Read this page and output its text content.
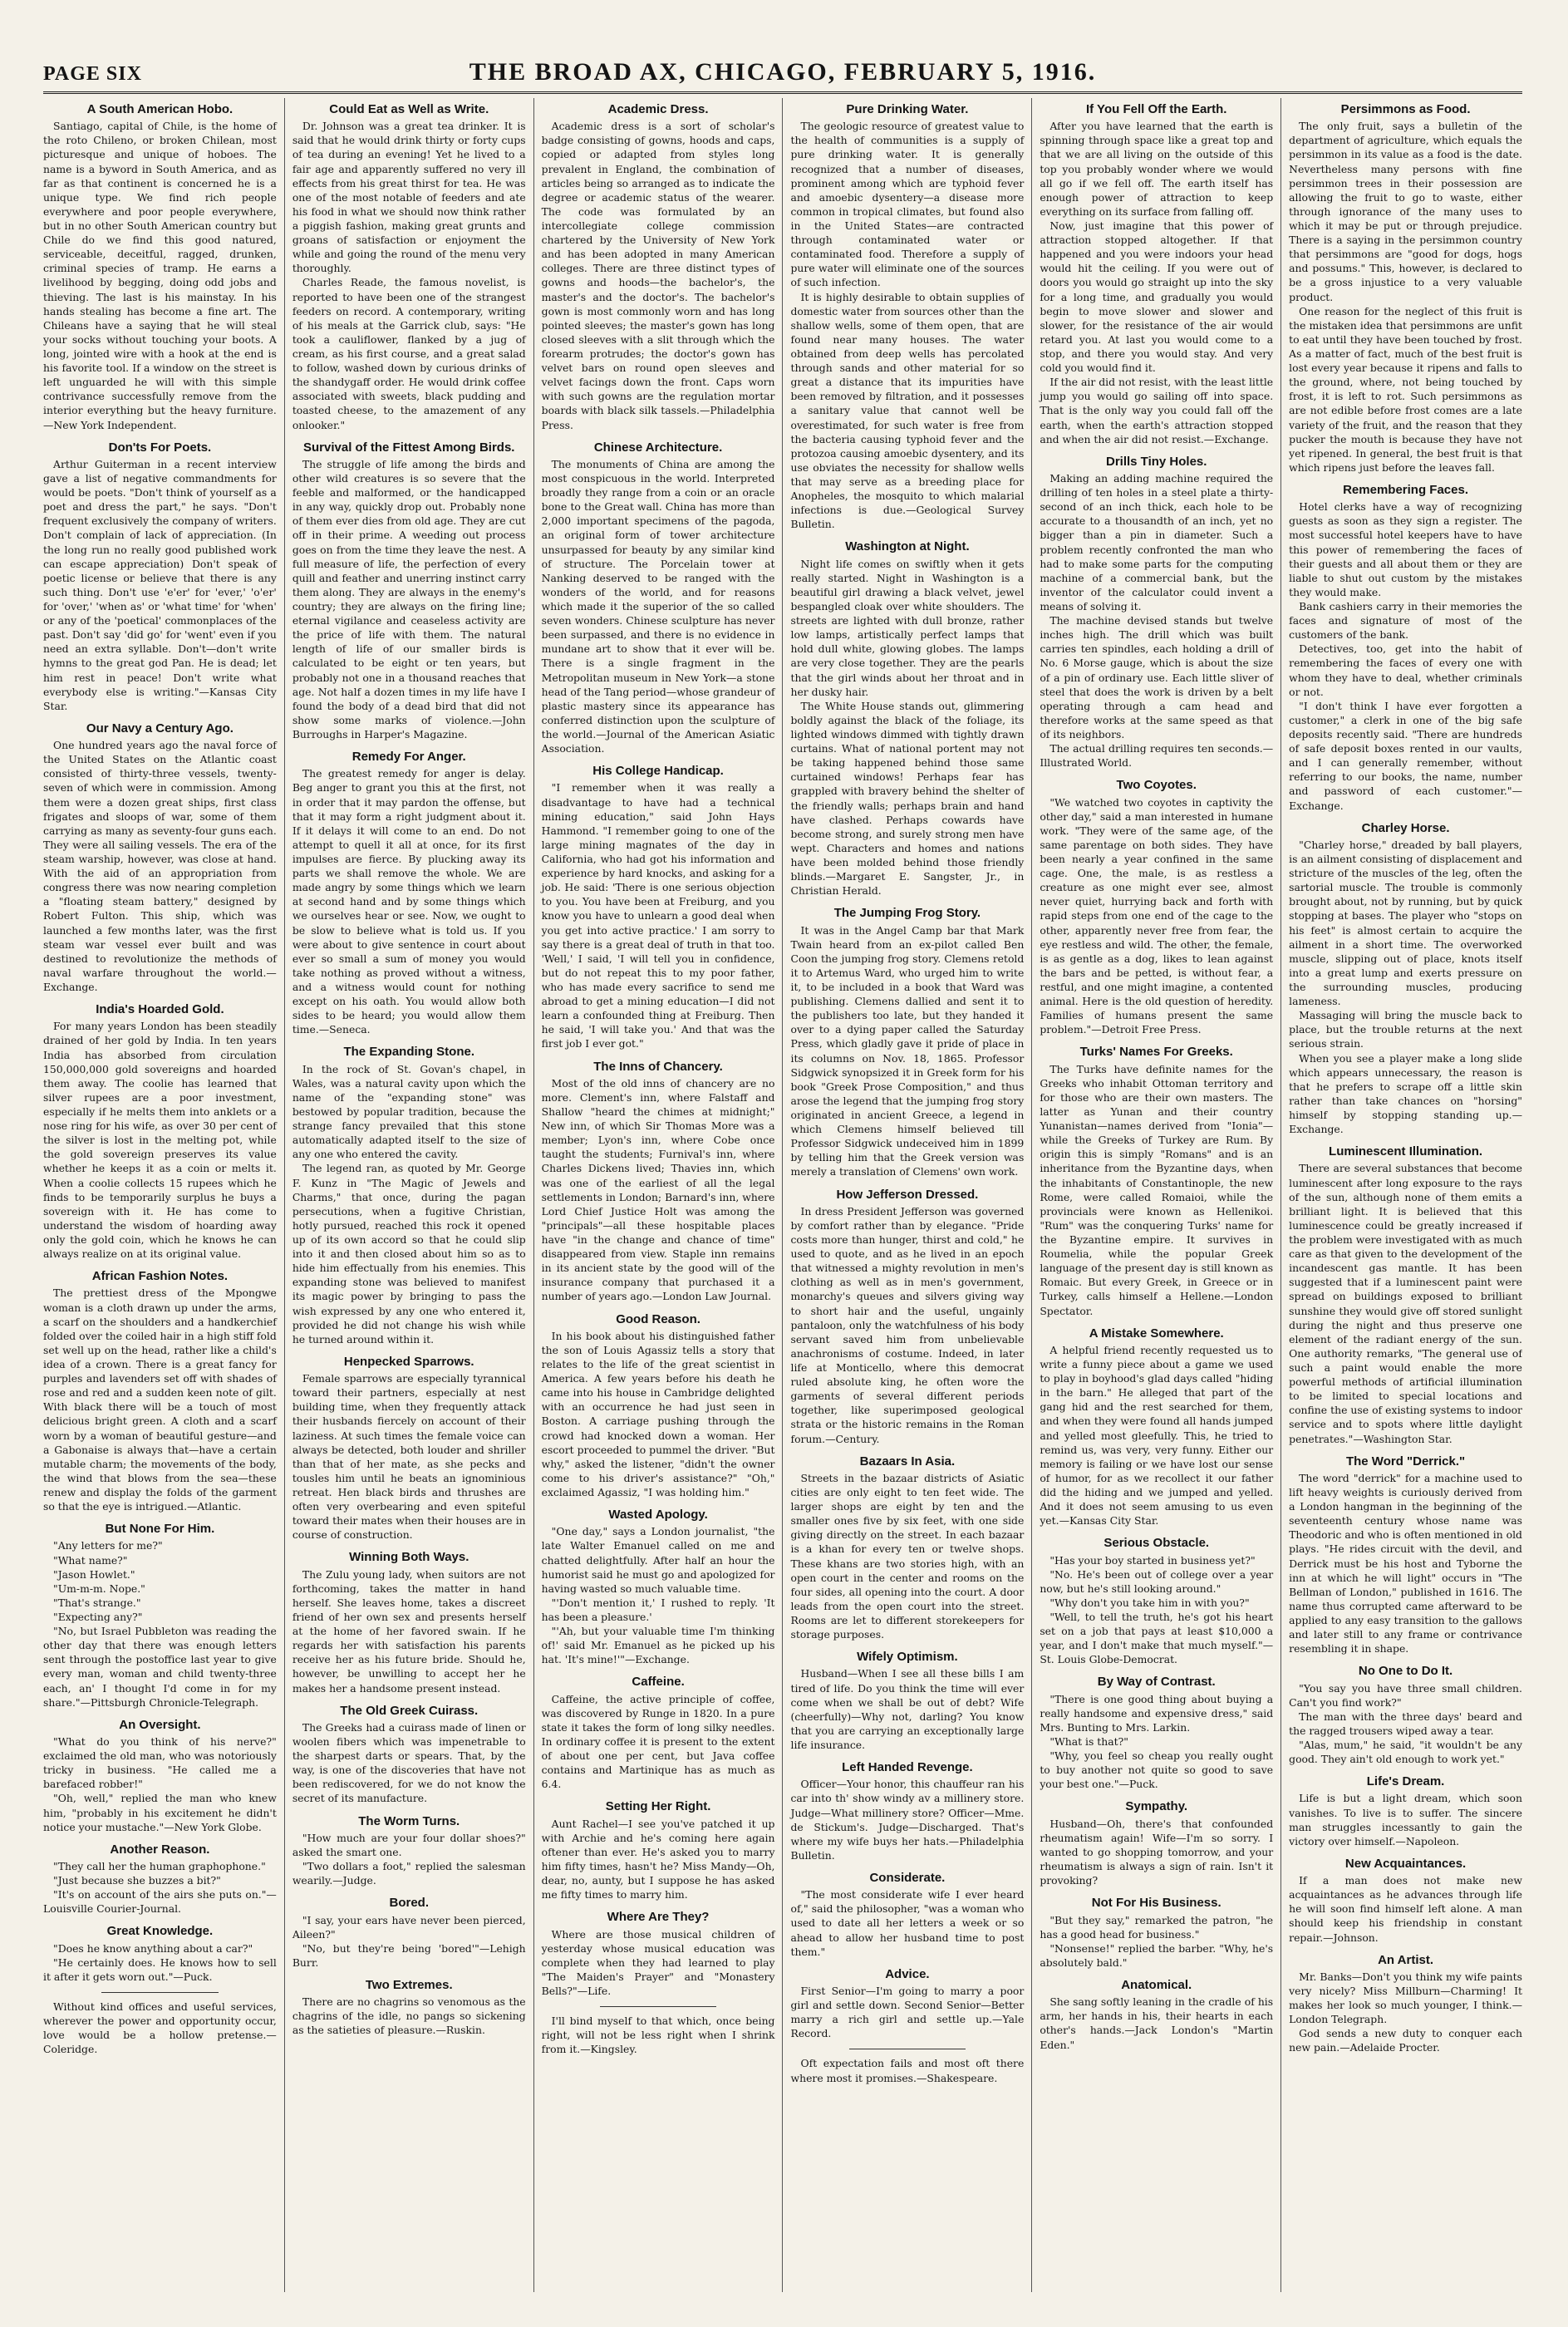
PAGE SIX	THE BROAD AX, CHICAGO, FEBRUARY 5, 1916.
A South American Hobo.

Santiago, capital of Chile, is the home of the roto Chileno, or broken Chilean, most picturesque and unique of hoboes. The name is a byword in South America, and as far as that continent is concerned he is a unique type. We find rich people everywhere and poor people everywhere, but in no other South American country but Chile do we find this good natured, serviceable, deceitful, ragged, drunken, criminal species of tramp. He earns a livelihood by begging, doing odd jobs and thieving. The last is his mainstay. In his hands stealing has become a fine art. The Chileans have a saying that he will steal your socks without touching your boots. A long, jointed wire with a hook at the end is his favorite tool. If a window on the street is left unguarded he will with this simple contrivance successfully remove from the interior everything but the heavy furniture.—New York Independent.

Don'ts For Poets.

Arthur Guiterman in a recent interview gave a list of negative commandments for would be poets. "Don't think of yourself as a poet and dress the part," he says. "Don't frequent exclusively the company of writers. Don't complain of lack of appreciation. (In the long run no really good published work can escape appreciation) Don't speak of poetic license or believe that there is any such thing. Don't use 'e'er' for 'ever,' 'o'er' for 'over,' 'when as' or 'what time' for 'when' or any of the 'poetical' commonplaces of the past. Don't say 'did go' for 'went' even if you need an extra syllable. Don't—don't write hymns to the great god Pan. He is dead; let him rest in peace! Don't write what everybody else is writing."—Kansas City Star.

Our Navy a Century Ago.

One hundred years ago the naval force of the United States on the Atlantic coast consisted of thirty-three vessels, twenty-seven of which were in commission. Among them were a dozen great ships, first class frigates and sloops of war, some of them carrying as many as seventy-four guns each. They were all sailing vessels. The era of the steam warship, however, was close at hand. With the aid of an appropriation from congress there was now nearing completion a "floating steam battery," designed by Robert Fulton. This ship, which was launched a few months later, was the first steam war vessel ever built and was destined to revolutionize the methods of naval warfare throughout the world.—Exchange.

India's Hoarded Gold.

For many years London has been steadily drained of her gold by India. In ten years India has absorbed from circulation 150,000,000 gold sovereigns and hoarded them away. The coolie has learned that silver rupees are a poor investment, especially if he melts them into anklets or a nose ring for his wife, as over 30 per cent of the silver is lost in the melting pot, while the gold sovereign preserves its value whether he keeps it as a coin or melts it. When a coolie collects 15 rupees which he finds to be temporarily surplus he buys a sovereign with it. He has come to understand the wisdom of hoarding away only the gold coin, which he knows he can always realize on at its original value.

African Fashion Notes.

The prettiest dress of the Mpongwe woman is a cloth drawn up under the arms, a scarf on the shoulders and a handkerchief folded over the coiled hair in a high stiff fold set well up on the head, rather like a child's idea of a crown. There is a great fancy for purples and lavenders set off with shades of rose and red and a sudden keen note of gilt. With black there will be a touch of most delicious bright green. A cloth and a scarf worn by a woman of beautiful gesture—and a Gabonaise is always that—have a certain mutable charm; the movements of the body, the wind that blows from the sea—these renew and display the folds of the garment so that the eye is intrigued.—Atlantic.

But None For Him.

"Any letters for me?"

"What name?"

"Jason Howlet."

"Um-m-m. Nope."

"That's strange."

"Expecting any?"

"No, but Israel Pubbleton was reading the other day that there was enough letters sent through the postoffice last year to give every man, woman and child twenty-three each, an' I thought I'd come in for my share."—Pittsburgh Chronicle-Telegraph.

An Oversight.

"What do you think of his nerve?" exclaimed the old man, who was notoriously tricky in business. "He called me a barefaced robber!"

"Oh, well," replied the man who knew him, "probably in his excitement he didn't notice your mustache."—New York Globe.

Another Reason.

"They call her the human graphophone."

"Just because she buzzes a bit?"

"It's on account of the airs she puts on."—Louisville Courier-Journal.

Great Knowledge.

"Does he know anything about a car?"

"He certainly does. He knows how to sell it after it gets worn out."—Puck.

Without kind offices and useful services, wherever the power and opportunity occur, love would be a hollow pretense.—Coleridge.

Could Eat as Well as Write.

Dr. Johnson was a great tea drinker. It is said that he would drink thirty or forty cups of tea during an evening! Yet he lived to a fair age and apparently suffered no very ill effects from his great thirst for tea. He was one of the most notable of feeders and ate his food in what we should now think rather a piggish fashion, making great grunts and groans of satisfaction or enjoyment the while and going the round of the menu very thoroughly.

Charles Reade, the famous novelist, is reported to have been one of the strangest feeders on record. A contemporary, writing of his meals at the Garrick club, says: "He took a cauliflower, flanked by a jug of cream, as his first course, and a great salad to follow, washed down by curious drinks of the shandygaff order. He would drink coffee associated with sweets, black pudding and toasted cheese, to the amazement of any onlooker."

Survival of the Fittest Among Birds.

The struggle of life among the birds and other wild creatures is so severe that the feeble and malformed, or the handicapped in any way, quickly drop out. Probably none of them ever dies from old age. They are cut off in their prime. A weeding out process goes on from the time they leave the nest. A full measure of life, the perfection of every quill and feather and unerring instinct carry them along. They are always in the enemy's country; they are always on the firing line; eternal vigilance and ceaseless activity are the price of life with them. The natural length of life of our smaller birds is calculated to be eight or ten years, but probably not one in a thousand reaches that age. Not half a dozen times in my life have I found the body of a dead bird that did not show some marks of violence.—John Burroughs in Harper's Magazine.

Remedy For Anger.

The greatest remedy for anger is delay. Beg anger to grant you this at the first, not in order that it may pardon the offense, but that it may form a right judgment about it. If it delays it will come to an end. Do not attempt to quell it all at once, for its first impulses are fierce. By plucking away its parts we shall remove the whole. We are made angry by some things which we learn at second hand and by some things which we ourselves hear or see. Now, we ought to be slow to believe what is told us. If you were about to give sentence in court about ever so small a sum of money you would take nothing as proved without a witness, and a witness would count for nothing except on his oath. You would allow both sides to be heard; you would allow them time.—Seneca.

The Expanding Stone.

In the rock of St. Govan's chapel, in Wales, was a natural cavity upon which the name of the "expanding stone" was bestowed by popular tradition, because the strange fancy prevailed that this stone automatically adapted itself to the size of any one who entered the cavity.

The legend ran, as quoted by Mr. George F. Kunz in "The Magic of Jewels and Charms," that once, during the pagan persecutions, when a fugitive Christian, hotly pursued, reached this rock it opened up of its own accord so that he could slip into it and then closed about him so as to hide him effectually from his enemies. This expanding stone was believed to manifest its magic power by bringing to pass the wish expressed by any one who entered it, provided he did not change his wish while he turned around within it.

Henpecked Sparrows.

Female sparrows are especially tyrannical toward their partners, especially at nest building time, when they frequently attack their husbands fiercely on account of their laziness. At such times the female voice can always be detected, both louder and shriller than that of her mate, as she pecks and tousles him until he beats an ignominious retreat. Hen black birds and thrushes are often very overbearing and even spiteful toward their mates when their houses are in course of construction.

Winning Both Ways.

The Zulu young lady, when suitors are not forthcoming, takes the matter in hand herself. She leaves home, takes a discreet friend of her own sex and presents herself at the home of her favored swain. If he regards her with satisfaction his parents receive her as his future bride. Should he, however, be unwilling to accept her he makes her a handsome present instead.

The Old Greek Cuirass.

The Greeks had a cuirass made of linen or woolen fibers which was impenetrable to the sharpest darts or spears. That, by the way, is one of the discoveries that have not been rediscovered, for we do not know the secret of its manufacture.

The Worm Turns.

"How much are your four dollar shoes?" asked the smart one.

"Two dollars a foot," replied the salesman wearily.—Judge.

Bored.

"I say, your ears have never been pierced, Aileen?"

"No, but they're being 'bored'"—Lehigh Burr.

Two Extremes.

There are no chagrins so venomous as the chagrins of the idle, no pangs so sickening as the satieties of pleasure.—Ruskin.

Academic Dress.

Academic dress is a sort of scholar's badge consisting of gowns, hoods and caps, copied or adapted from styles long prevalent in England, the combination of articles being so arranged as to indicate the degree or academic status of the wearer. The code was formulated by an intercollegiate college commission chartered by the University of New York and has been adopted in many American colleges. There are three distinct types of gowns and hoods—the bachelor's, the master's and the doctor's. The bachelor's gown is most commonly worn and has long pointed sleeves; the master's gown has long closed sleeves with a slit through which the forearm protrudes; the doctor's gown has velvet bars on round open sleeves and velvet facings down the front. Caps worn with such gowns are the regulation mortar boards with black silk tassels.—Philadelphia Press.

Chinese Architecture.

The monuments of China are among the most conspicuous in the world. Interpreted broadly they range from a coin or an oracle bone to the Great wall. China has more than 2,000 important specimens of the pagoda, an original form of tower architecture unsurpassed for beauty by any similar kind of structure. The Porcelain tower at Nanking deserved to be ranged with the wonders of the world, and for reasons which made it the superior of the so called seven wonders. Chinese sculpture has never been surpassed, and there is no evidence in mundane art to show that it ever will be. There is a single fragment in the Metropolitan museum in New York—a stone head of the Tang period—whose grandeur of plastic mastery since its appearance has conferred distinction upon the sculpture of the world.—Journal of the American Asiatic Association.

His College Handicap.

"I remember when it was really a disadvantage to have had a technical mining education," said John Hays Hammond. "I remember going to one of the large mining magnates of the day in California, who had got his information and experience by hard knocks, and asking for a job. He said: 'There is one serious objection to you. You have been at Freiburg, and you know you have to unlearn a good deal when you get into active practice.' I am sorry to say there is a great deal of truth in that too. 'Well,' I said, 'I will tell you in confidence, but do not repeat this to my poor father, who has made every sacrifice to send me abroad to get a mining education—I did not learn a confounded thing at Freiburg. Then he said, 'I will take you.' And that was the first job I ever got."

The Inns of Chancery.

Most of the old inns of chancery are no more. Clement's inn, where Falstaff and Shallow "heard the chimes at midnight;" New inn, of which Sir Thomas More was a member; Lyon's inn, where Cobe once taught the students; Furnival's inn, where Charles Dickens lived; Thavies inn, which was one of the earliest of all the legal settlements in London; Barnard's inn, where Lord Chief Justice Holt was among the "principals"—all these hospitable places have "in the change and chance of time" disappeared from view. Staple inn remains in its ancient state by the good will of the insurance company that purchased it a number of years ago.—London Law Journal.

Good Reason.

In his book about his distinguished father the son of Louis Agassiz tells a story that relates to the life of the great scientist in America. A few years before his death he came into his house in Cambridge delighted with an occurrence he had just seen in Boston. A carriage pushing through the crowd had knocked down a woman. Her escort proceeded to pummel the driver. "But why," asked the listener, "didn't the owner come to his driver's assistance?" "Oh," exclaimed Agassiz, "I was holding him."

Wasted Apology.

"One day," says a London journalist, "the late Walter Emanuel called on me and chatted delightfully. After half an hour the humorist said he must go and apologized for having wasted so much valuable time.

"'Don't mention it,' I rushed to reply. 'It has been a pleasure.'

"'Ah, but your valuable time I'm thinking of!' said Mr. Emanuel as he picked up his hat. 'It's mine!'"—Exchange.

Caffeine.

Caffeine, the active principle of coffee, was discovered by Runge in 1820. In a pure state it takes the form of long silky needles. In ordinary coffee it is present to the extent of about one per cent, but Java coffee contains and Martinique has as much as 6.4.

Setting Her Right.

Aunt Rachel—I see you've patched it up with Archie and he's coming here again oftener than ever. He's asked you to marry him fifty times, hasn't he? Miss Mandy—Oh, dear, no, aunty, but I suppose he has asked me fifty times to marry him.

Where Are They?

Where are those musical children of yesterday whose musical education was complete when they had learned to play "The Maiden's Prayer" and "Monastery Bells?"—Life.

I'll bind myself to that which, once being right, will not be less right when I shrink from it.—Kingsley.

Pure Drinking Water.

The geologic resource of greatest value to the health of communities is a supply of pure drinking water. It is generally recognized that a number of diseases, prominent among which are typhoid fever and amoebic dysentery—a disease more common in tropical climates, but found also in the United States—are contracted through contaminated water or contaminated food. Therefore a supply of pure water will eliminate one of the sources of such infection.

It is highly desirable to obtain supplies of domestic water from sources other than the shallow wells, some of them open, that are found near many houses. The water obtained from deep wells has percolated through sands and other material for so great a distance that its impurities have been removed by filtration, and it possesses a sanitary value that cannot well be overestimated, for such water is free from the bacteria causing typhoid fever and the protozoa causing amoebic dysentery, and its use obviates the necessity for shallow wells that may serve as a breeding place for Anopheles, the mosquito to which malarial infections is due.—Geological Survey Bulletin.

Washington at Night.

Night life comes on swiftly when it gets really started. Night in Washington is a beautiful girl drawing a black velvet, jewel bespangled cloak over white shoulders. The streets are lighted with dull bronze, rather low lamps, artistically perfect lamps that hold dull white, glowing globes. The lamps are very close together. They are the pearls that the girl winds about her throat and in her dusky hair.

The White House stands out, glimmering boldly against the black of the foliage, its lighted windows dimmed with tightly drawn curtains. What of national portent may not be taking happened behind those same curtained windows! Perhaps fear has grappled with bravery behind the shelter of the friendly walls; perhaps brain and hand have clashed. Perhaps cowards have become strong, and surely strong men have wept. Characters and homes and nations have been molded behind those friendly blinds.—Margaret E. Sangster, Jr., in Christian Herald.

The Jumping Frog Story.

It was in the Angel Camp bar that Mark Twain heard from an ex-pilot called Ben Coon the jumping frog story. Clemens retold it to Artemus Ward, who urged him to write it, to be included in a book that Ward was publishing. Clemens dallied and sent it to the publishers too late, but they handed it over to a dying paper called the Saturday Press, which gladly gave it pride of place in its columns on Nov. 18, 1865. Professor Sidgwick synopsized it in Greek form for his book "Greek Prose Composition," and thus arose the legend that the jumping frog story originated in ancient Greece, a legend in which Clemens himself believed till Professor Sidgwick undeceived him in 1899 by telling him that the Greek version was merely a translation of Clemens' own work.

How Jefferson Dressed.

In dress President Jefferson was governed by comfort rather than by elegance. "Pride costs more than hunger, thirst and cold," he used to quote, and as he lived in an epoch that witnessed a mighty revolution in men's clothing as well as in men's government, monarchy's queues and silvers giving way to short hair and the useful, ungainly pantaloon, only the watchfulness of his body servant saved him from unbelievable anachronisms of costume. Indeed, in later life at Monticello, where this democrat ruled absolute king, he often wore the garments of several different periods together, like superimposed geological strata or the historic remains in the Roman forum.—Century.

Bazaars In Asia.

Streets in the bazaar districts of Asiatic cities are only eight to ten feet wide. The larger shops are eight by ten and the smaller ones five by six feet, with one side giving directly on the street. In each bazaar is a khan for every ten or twelve shops. These khans are two stories high, with an open court in the center and rooms on the four sides, all opening into the court. A door leads from the open court into the street. Rooms are let to different storekeepers for storage purposes.

Wifely Optimism.

Husband—When I see all these bills I am tired of life. Do you think the time will ever come when we shall be out of debt? Wife (cheerfully)—Why not, darling? You know that you are carrying an exceptionally large life insurance.

Left Handed Revenge.

Officer—Your honor, this chauffeur ran his car into th' show windy av a millinery store. Judge—What millinery store? Officer—Mme. de Stickum's. Judge—Discharged. That's where my wife buys her hats.—Philadelphia Bulletin.

Considerate.

"The most considerate wife I ever heard of," said the philosopher, "was a woman who used to date all her letters a week or so ahead to allow her husband time to post them."

Advice.

First Senior—I'm going to marry a poor girl and settle down. Second Senior—Better marry a rich girl and settle up.—Yale Record.

Oft expectation fails and most oft there where most it promises.—Shakespeare.

If You Fell Off the Earth.

After you have learned that the earth is spinning through space like a great top and that we are all living on the outside of this top you probably wonder where we would all go if we fell off. The earth itself has enough power of attraction to keep everything on its surface from falling off.

Now, just imagine that this power of attraction stopped altogether. If that happened and you were indoors your head would hit the ceiling. If you were out of doors you would go straight up into the sky for a long time, and gradually you would begin to move slower and slower and slower, for the resistance of the air would retard you. At last you would come to a stop, and there you would stay. And very cold you would find it.

If the air did not resist, with the least little jump you would go sailing off into space. That is the only way you could fall off the earth, when the earth's attraction stopped and when the air did not resist.—Exchange.

Drills Tiny Holes.

Making an adding machine required the drilling of ten holes in a steel plate a thirty-second of an inch thick, each hole to be accurate to a thousandth of an inch, yet no bigger than a pin in diameter. Such a problem recently confronted the man who had to make some parts for the computing machine of a commercial bank, but the inventor of the calculator could invent a means of solving it.

The machine devised stands but twelve inches high. The drill which was built carries ten spindles, each holding a drill of No. 6 Morse gauge, which is about the size of a pin of ordinary use. Each little sliver of steel that does the work is driven by a belt operating through a cam head and therefore works at the same speed as that of its neighbors.

The actual drilling requires ten seconds.—Illustrated World.

Two Coyotes.

"We watched two coyotes in captivity the other day," said a man interested in humane work. "They were of the same age, of the same parentage on both sides. They have been nearly a year confined in the same cage. One, the male, is as restless a creature as one might ever see, almost never quiet, hurrying back and forth with rapid steps from one end of the cage to the other, apparently never free from fear, the eye restless and wild. The other, the female, is as gentle as a dog, likes to lean against the bars and be petted, is without fear, a restful, and one might imagine, a contented animal. Here is the old question of heredity. Families of humans present the same problem."—Detroit Free Press.

Turks' Names For Greeks.

The Turks have definite names for the Greeks who inhabit Ottoman territory and for those who are their own masters. The latter as Yunan and their country Yunanistan—names derived from "Ionia"—while the Greeks of Turkey are Rum. By origin this is simply "Romans" and is an inheritance from the Byzantine days, when the inhabitants of Constantinople, the new Rome, were called Romaioi, while the provincials were known as Hellenikoi. "Rum" was the conquering Turks' name for the Byzantine empire. It survives in Roumelia, while the popular Greek language of the present day is still known as Romaic. But every Greek, in Greece or in Turkey, calls himself a Hellene.—London Spectator.

A Mistake Somewhere.

A helpful friend recently requested us to write a funny piece about a game we used to play in boyhood's glad days called "hiding in the barn." He alleged that part of the gang hid and the rest searched for them, and when they were found all hands jumped and yelled most gleefully. This, he tried to remind us, was very, very funny. Either our memory is failing or we have lost our sense of humor, for as we recollect it our father did the hiding and we jumped and yelled. And it does not seem amusing to us even yet.—Kansas City Star.

Serious Obstacle.

"Has your boy started in business yet?"

"No. He's been out of college over a year now, but he's still looking around."

"Why don't you take him in with you?"

"Well, to tell the truth, he's got his heart set on a job that pays at least $10,000 a year, and I don't make that much myself."—St. Louis Globe-Democrat.

By Way of Contrast.

"There is one good thing about buying a really handsome and expensive dress," said Mrs. Bunting to Mrs. Larkin.

"What is that?"

"Why, you feel so cheap you really ought to buy another not quite so good to save your best one."—Puck.

Sympathy.

Husband—Oh, there's that confounded rheumatism again! Wife—I'm so sorry. I wanted to go shopping tomorrow, and your rheumatism is always a sign of rain. Isn't it provoking?

Not For His Business.

"But they say," remarked the patron, "he has a good head for business."

"Nonsense!" replied the barber. "Why, he's absolutely bald."

Anatomical.

She sang softly leaning in the cradle of his arm, her hands in his, their hearts in each other's hands.—Jack London's "Martin Eden."

Persimmons as Food.

The only fruit, says a bulletin of the department of agriculture, which equals the persimmon in its value as a food is the date. Nevertheless many persons with fine persimmon trees in their possession are allowing the fruit to go to waste, either through ignorance of the many uses to which it may be put or through prejudice. There is a saying in the persimmon country that persimmons are "good for dogs, hogs and possums." This, however, is declared to be a gross injustice to a very valuable product.

One reason for the neglect of this fruit is the mistaken idea that persimmons are unfit to eat until they have been touched by frost. As a matter of fact, much of the best fruit is lost every year because it ripens and falls to the ground, where, not being touched by frost, it is left to rot. Such persimmons as are not edible before frost comes are a late variety of the fruit, and the reason that they pucker the mouth is because they have not yet ripened. In general, the best fruit is that which ripens just before the leaves fall.

Remembering Faces.

Hotel clerks have a way of recognizing guests as soon as they sign a register. The most successful hotel keepers have to have this power of remembering the faces of their guests and all about them or they are liable to shut out custom by the mistakes they would make.

Bank cashiers carry in their memories the faces and signature of most of the customers of the bank.

Detectives, too, get into the habit of remembering the faces of every one with whom they have to deal, whether criminals or not.

"I don't think I have ever forgotten a customer," a clerk in one of the big safe deposits recently said. "There are hundreds of safe deposit boxes rented in our vaults, and I can generally remember, without referring to our books, the name, number and password of each customer."—Exchange.

Charley Horse.

"Charley horse," dreaded by ball players, is an ailment consisting of displacement and stricture of the muscles of the leg, often the sartorial muscle. The trouble is commonly brought about, not by running, but by quick stopping at bases. The player who "stops on his feet" is almost certain to acquire the ailment in a short time. The overworked muscle, slipping out of place, knots itself into a great lump and exerts pressure on the surrounding muscles, producing lameness.

Massaging will bring the muscle back to place, but the trouble returns at the next serious strain.

When you see a player make a long slide which appears unnecessary, the reason is that he prefers to scrape off a little skin rather than take chances on "horsing" himself by stopping standing up.—Exchange.

Luminescent Illumination.

There are several substances that become luminescent after long exposure to the rays of the sun, although none of them emits a brilliant light. It is believed that this luminescence could be greatly increased if the problem were investigated with as much care as that given to the development of the incandescent gas mantle. It has been suggested that if a luminescent paint were spread on buildings exposed to brilliant sunshine they would give off stored sunlight during the night and thus preserve one element of the radiant energy of the sun. One authority remarks, "The general use of such a paint would enable the more powerful methods of artificial illumination to be limited to special locations and confine the use of existing systems to indoor service and to spots where little daylight penetrates."—Washington Star.

The Word "Derrick."

The word "derrick" for a machine used to lift heavy weights is curiously derived from a London hangman in the beginning of the seventeenth century whose name was Theodoric and who is often mentioned in old plays. "He rides circuit with the devil, and Derrick must be his host and Tyborne the inn at which he will light" occurs in "The Bellman of London," published in 1616. The name thus corrupted came afterward to be applied to any easy transition to the gallows and later still to any frame or contrivance resembling it in shape.

No One to Do It.

"You say you have three small children. Can't you find work?"

The man with the three days' beard and the ragged trousers wiped away a tear.

"Alas, mum," he said, "it wouldn't be any good. They ain't old enough to work yet."

Life's Dream.

Life is but a light dream, which soon vanishes. To live is to suffer. The sincere man struggles incessantly to gain the victory over himself.—Napoleon.

New Acquaintances.

If a man does not make new acquaintances as he advances through life he will soon find himself left alone. A man should keep his friendship in constant repair.—Johnson.

An Artist.

Mr. Banks—Don't you think my wife paints very nicely? Miss Millburn—Charming! It makes her look so much younger, I think.—London Telegraph.

God sends a new duty to conquer each new pain.—Adelaide Procter.
